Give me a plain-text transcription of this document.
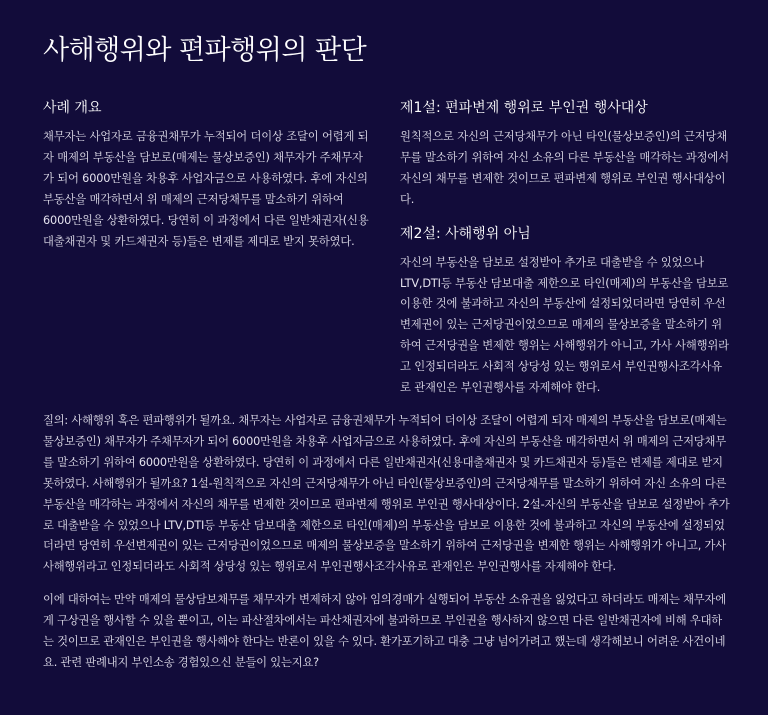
사해행위와 편파행위의 판단
사례 개요

채무자는 사업자로 금융권채무가 누적되어 더이상 조달이 어렵게 되자 매제의 부동산을 담보로(매제는 물상보증인) 채무자가 주채무자가 되어 6000만원을 차용후 사업자금으로 사용하였다. 후에 자신의 부동산을 매각하면서 위 매제의 근저당채무를 말소하기 위하여 6000만원을 상환하였다. 당연히 이 과정에서 다른 일반채권자(신용대출채권자 및 카드채권자 등)들은 변제를 제대로 받지 못하였다.

제1설: 편파변제 행위로 부인권 행사대상

원칙적으로 자신의 근저당채무가 아닌 타인(물상보증인)의 근저당채무를 말소하기 위하여 자신 소유의 다른 부동산을 매각하는 과정에서 자신의 채무를 변제한 것이므로 편파변제 행위로 부인권 행사대상이다.

제2설: 사해행위 아님

자신의 부동산을 담보로 설정받아 추가로 대출받을 수 있었으나 LTV,DTI등 부동산 담보대출 제한으로 타인(매제)의 부동산을 담보로 이용한 것에 불과하고 자신의 부동산에 설정되었더라면 당연히 우선변제권이 있는 근저당권이었으므로 매제의 물상보증을 말소하기 위하여 근저당권을 변제한 행위는 사해행위가 아니고, 가사 사해행위라고 인정되더라도 사회적 상당성 있는 행위로서 부인권행사조각사유로 관재인은 부인권행사를 자제해야 한다.

질의: 사해행위 혹은 편파행위가 될까요. 채무자는 사업자로 금융권채무가 누적되어 더이상 조달이 어렵게 되자 매제의 부동산을 담보로(매제는 물상보증인) 채무자가 주채무자가 되어 6000만원을 차용후 사업자금으로 사용하였다. 후에 자신의 부동산을 매각하면서 위 매제의 근저당채무를 말소하기 위하여 6000만원을 상환하였다. 당연히 이 과정에서 다른 일반채권자(신용대출채권자 및 카드채권자 등)들은 변제를 제대로 받지 못하였다. 사해행위가 될까요? 1설-원칙적으로 자신의 근저당채무가 아닌 타인(물상보증인)의 근저당채무를 말소하기 위하여 자신 소유의 다른 부동산을 매각하는 과정에서 자신의 채무를 변제한 것이므로 편파변제 행위로 부인권 행사대상이다. 2설-자신의 부동산을 담보로 설정받아 추가로 대출받을 수 있었으나 LTV,DTI등 부동산 담보대출 제한으로 타인(매제)의 부동산을 담보로 이용한 것에 불과하고 자신의 부동산에 설정되었더라면 당연히 우선변제권이 있는 근저당권이었으므로 매제의 물상보증을 말소하기 위하여 근저당권을 변제한 행위는 사해행위가 아니고, 가사 사해행위라고 인정되더라도 사회적 상당성 있는 행위로서 부인권행사조각사유로 관재인은 부인권행사를 자제해야 한다.

이에 대하여는 만약 매제의 물상담보채무를 채무자가 변제하지 않아 임의경매가 실행되어 부동산 소유권을 잃었다고 하더라도 매제는 채무자에게 구상권을 행사할 수 있을 뿐이고, 이는 파산절차에서는 파산채권자에 불과하므로 부인권을 행사하지 않으면 다른 일반채권자에 비해 우대하는 것이므로 관재인은 부인권을 행사해야 한다는 반론이 있을 수 있다. 환가포기하고 대충 그냥 넘어가려고 했는데 생각해보니 어려운 사건이네요. 관련 판례내지 부인소송 경험있으신 분들이 있는지요?
